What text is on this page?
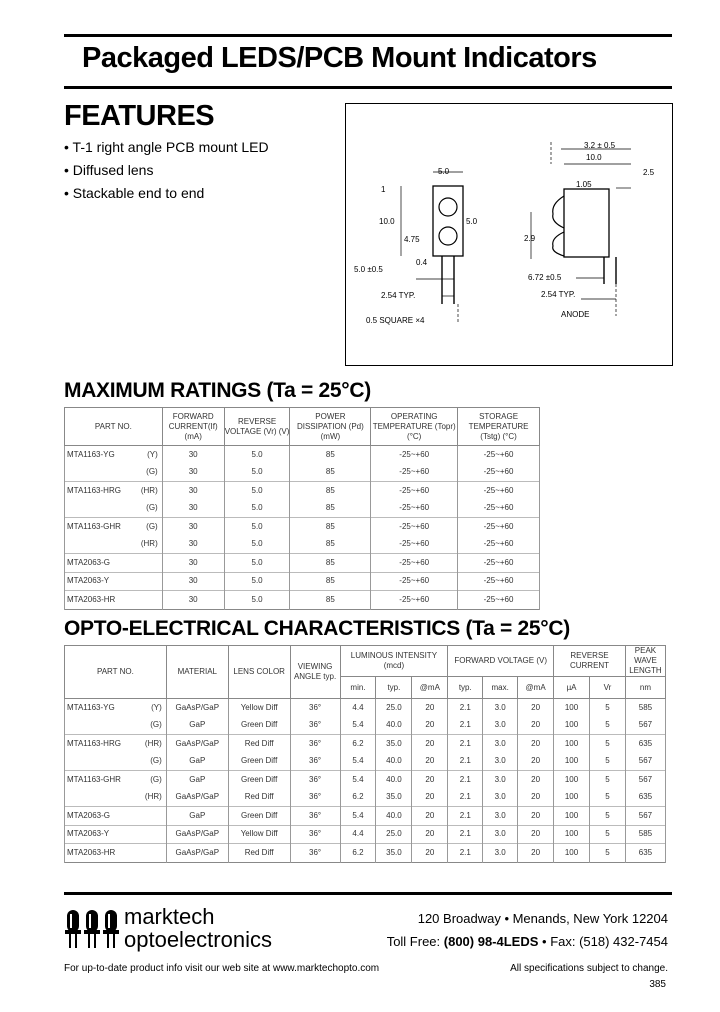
Packaged LEDS/PCB Mount Indicators
FEATURES
• T-1 right angle PCB mount LED
• Diffused lens
• Stackable end to end
5.0
1
10.0	5.0
4.75
0.4
5.0 ±0.5
2.54 TYP.
0.5 SQUARE ×4
3.2 ± 0.5
10.0
2.5
1.05
2.9
6.72 ±0.5
2.54 TYP.
ANODE
MAXIMUM RATINGS (Ta = 25°C)
PART NO.	FORWARD CURRENT(If) (mA)	REVERSE VOLTAGE (Vr) (V)	POWER DISSIPATION (Pd) (mW)	OPERATING TEMPERATURE (Topr) (°C)	STORAGE TEMPERATURE (Tstg) (°C)
MTA1163-YG (Y)	30	5.0	85	-25~+60	-25~+60

(G)	30	5.0	85	-25~+60	-25~+60
MTA1163-HRG (HR)	30	5.0	85	-25~+60	-25~+60

(G)	30	5.0	85	-25~+60	-25~+60
MTA1163-GHR (G)	30	5.0	85	-25~+60	-25~+60

(HR)	30	5.0	85	-25~+60	-25~+60
MTA2063-G	30	5.0	85	-25~+60	-25~+60
MTA2063-Y	30	5.0	85	-25~+60	-25~+60
MTA2063-HR	30	5.0	85	-25~+60	-25~+60
OPTO-ELECTRICAL CHARACTERISTICS (Ta = 25°C)
PART NO.	MATERIAL	LENS COLOR	VIEWING ANGLE typ.	LUMINOUS INTENSITY (mcd)			FORWARD VOLTAGE (V)			REVERSE CURRENT		PEAK WAVE LENGTH
				min.	typ.	@mA	typ.	max.	@mA	µA	Vr	nm
MTA1163-YG (Y)	GaAsP/GaP	Yellow Diff	36°	4.4	25.0	20	2.1	3.0	20	100	5	585

(G)	GaP	Green Diff	36°	5.4	40.0	20	2.1	3.0	20	100	5	567
MTA1163-HRG (HR)	GaAsP/GaP	Red Diff	36°	6.2	35.0	20	2.1	3.0	20	100	5	635

(G)	GaP	Green Diff	36°	5.4	40.0	20	2.1	3.0	20	100	5	567
MTA1163-GHR (G)	GaP	Green Diff	36°	5.4	40.0	20	2.1	3.0	20	100	5	567

(HR)	GaAsP/GaP	Red Diff	36°	6.2	35.0	20	2.1	3.0	20	100	5	635
MTA2063-G	GaP	Green Diff	36°	5.4	40.0	20	2.1	3.0	20	100	5	567
MTA2063-Y	GaAsP/GaP	Yellow Diff	36°	4.4	25.0	20	2.1	3.0	20	100	5	585
MTA2063-HR	GaAsP/GaP	Red Diff	36°	6.2	35.0	20	2.1	3.0	20	100	5	635
marktech
optoelectronics
120 Broadway • Menands, New York 12204
Toll Free: (800) 98-4LEDS • Fax: (518) 432-7454
For up-to-date product info visit our web site at www.marktechopto.com	All specifications subject to change.
385
